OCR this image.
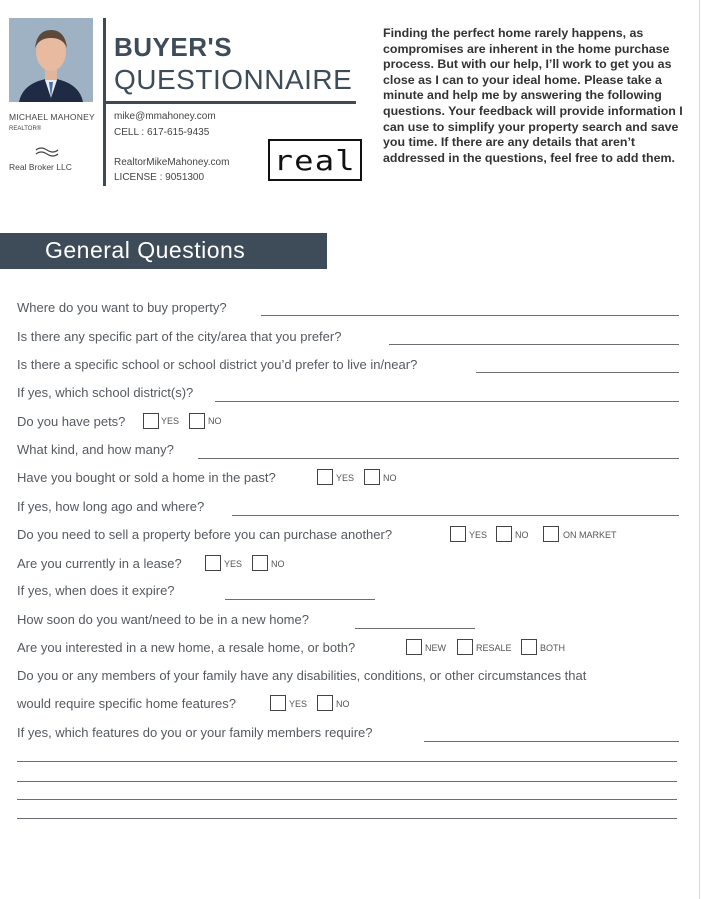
MICHAEL MAHONEY
REALTOR®
Real Broker LLC
BUYER'S
QUESTIONNAIRE
mike@mmahoney.com
CELL : 617-615-9435
RealtorMikeMahoney.com
LICENSE : 9051300
real
Finding the perfect home rarely happens, as compromises are inherent in the home purchase process. But with our help, I’ll work to get you as close as I can to your ideal home. Please take a minute and help me by answering the following questions. Your feedback will provide information I can use to simplify your property search and save you time. If there are any details that aren’t addressed in the questions, feel free to add them.
General Questions
Where do you want to buy property?
Is there any specific part of the city/area that you prefer?
Is there a specific school or school district you’d prefer to live in/near?
If yes, which school district(s)?
Do you have pets?	YES	NO
What kind, and how many?
Have you bought or sold a home in the past?	YES	NO
If yes, how long ago and where?
Do you need to sell a property before you can purchase another?	YES	NO	ON MARKET
Are you currently in a lease?	YES	NO
If yes, when does it expire?
How soon do you want/need to be in a new home?
Are you interested in a new home, a resale home, or both?	NEW	RESALE	BOTH
Do you or any members of your family have any disabilities, conditions, or other circumstances that
would require specific home features?	YES	NO
If yes, which features do you or your family members require?
